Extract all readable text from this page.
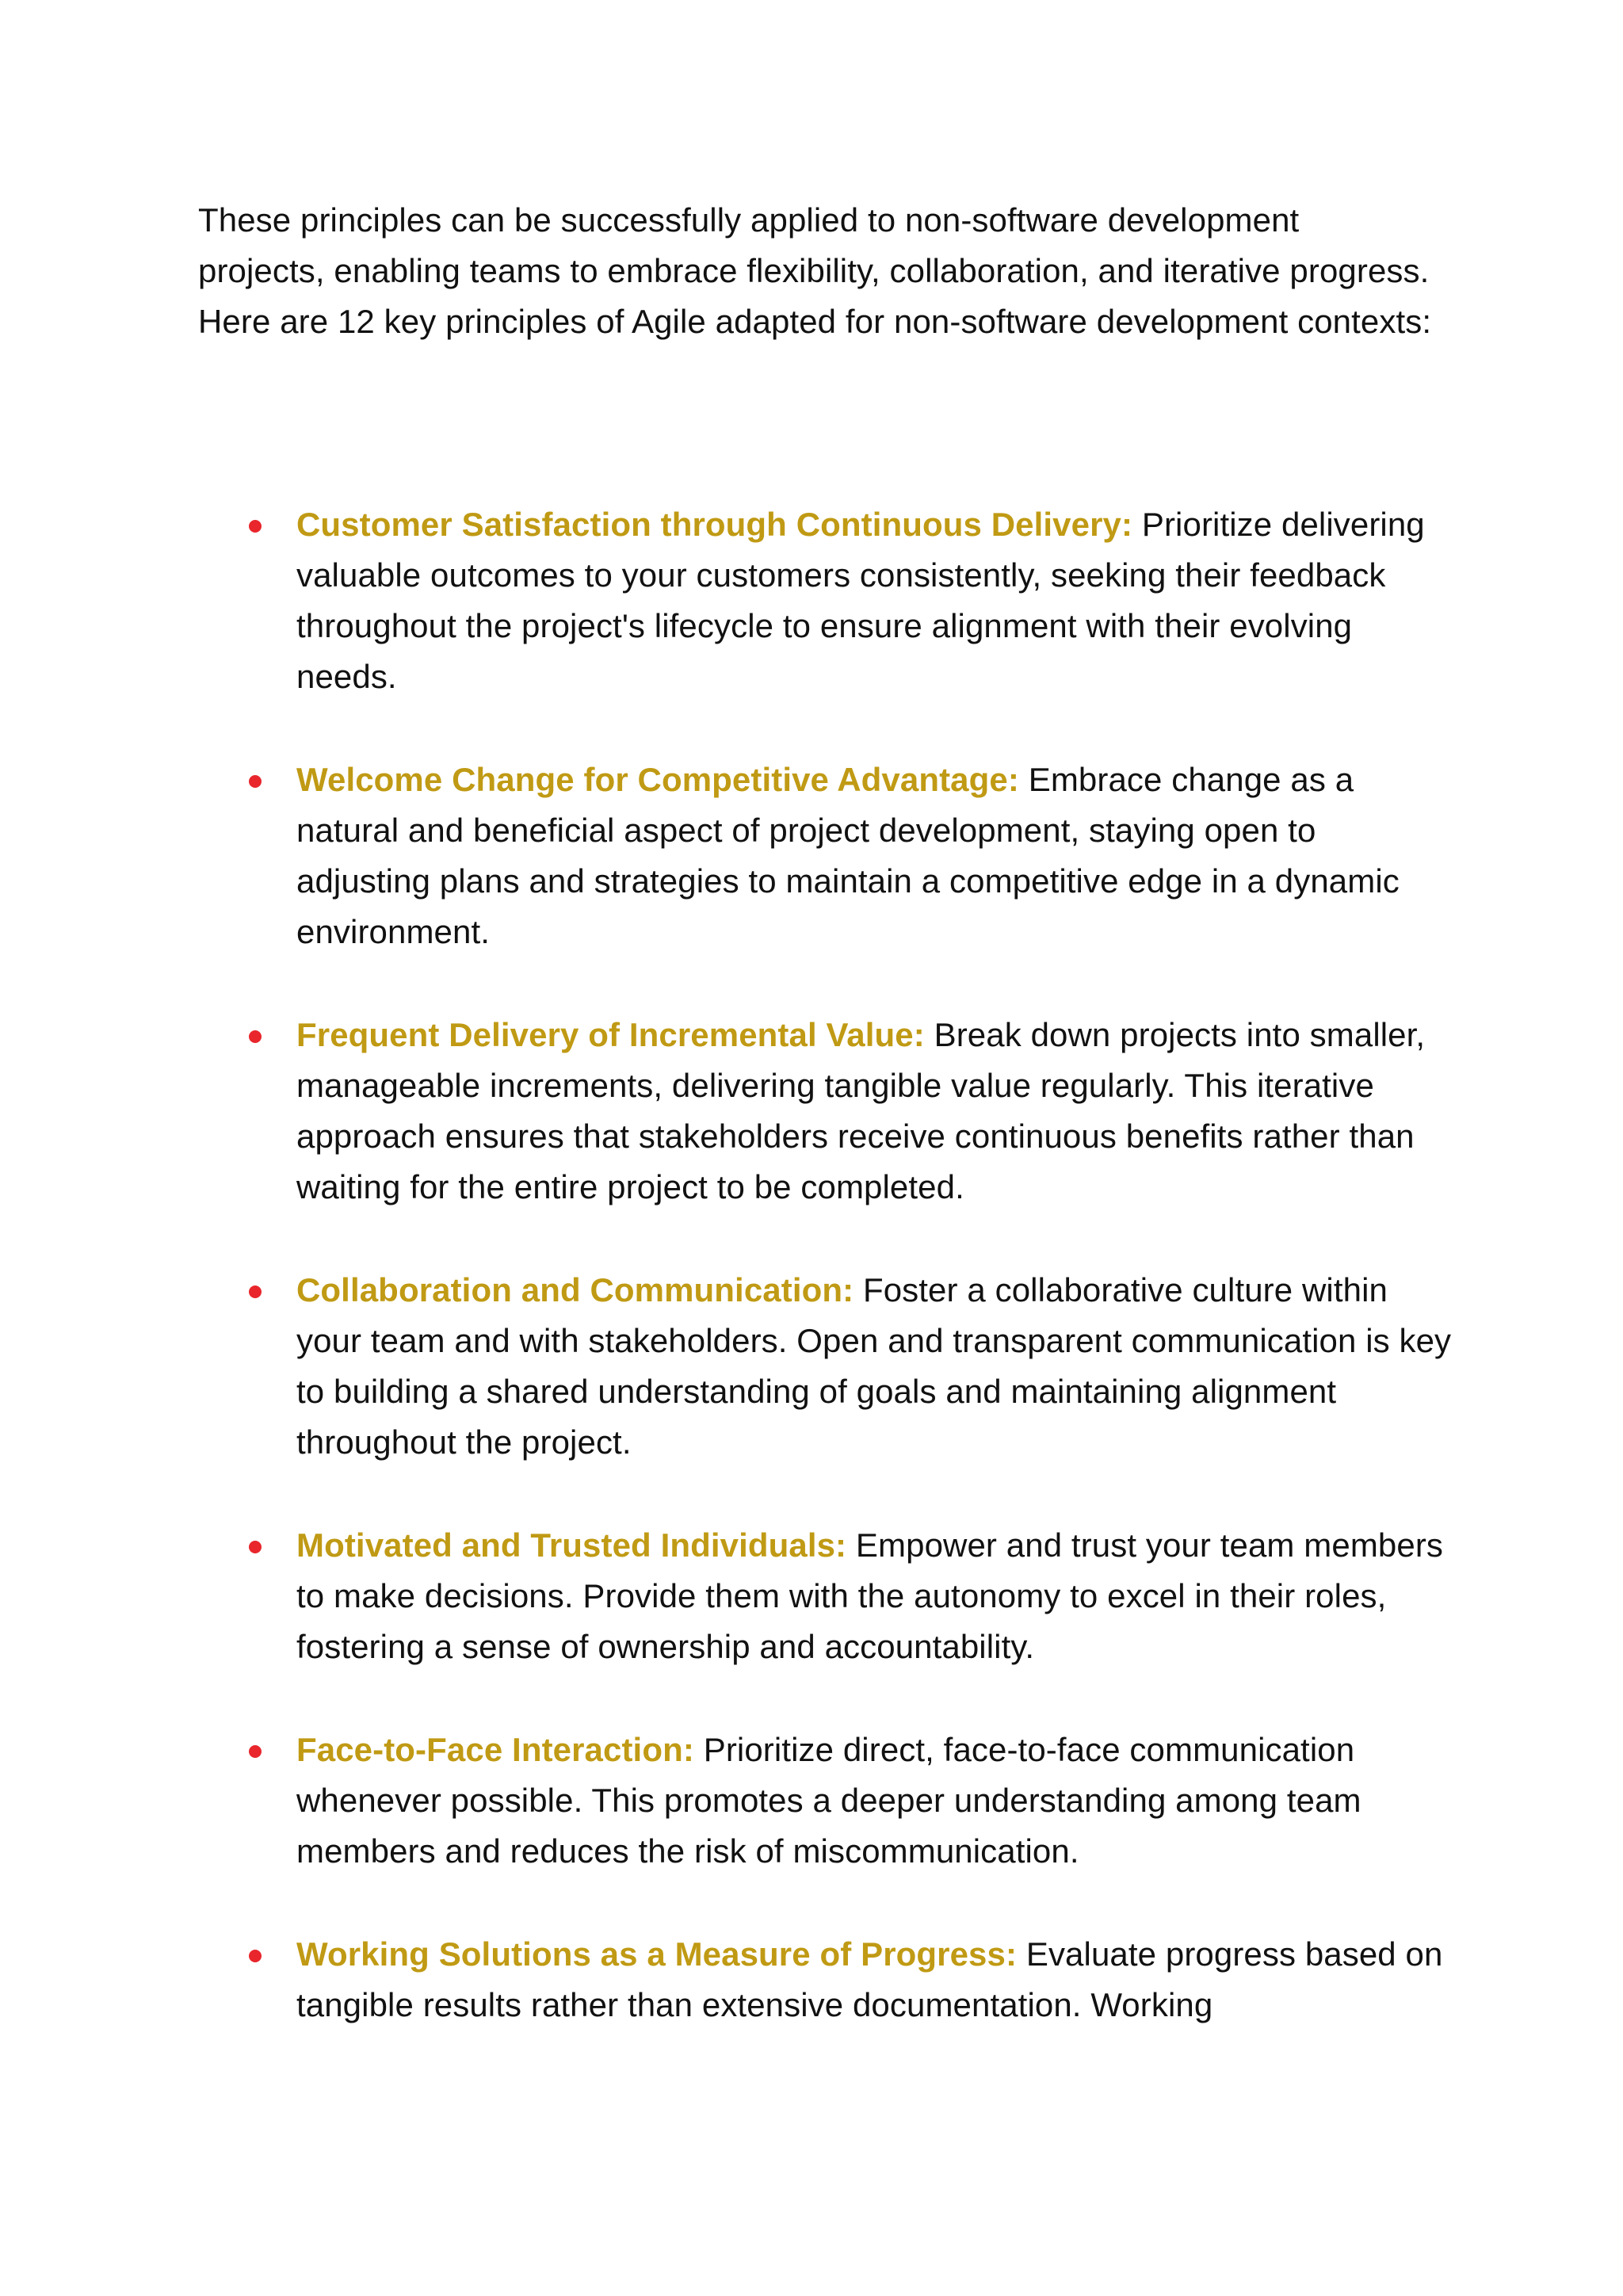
These principles can be successfully applied to non-software development projects, enabling teams to embrace flexibility, collaboration, and iterative progress.

Here are 12 key principles of Agile adapted for non-software development contexts:

Customer Satisfaction through Continuous Delivery: Prioritize delivering valuable outcomes to your customers consistently, seeking their feedback throughout the project's lifecycle to ensure alignment with their evolving needs.
Welcome Change for Competitive Advantage: Embrace change as a natural and beneficial aspect of project development, staying open to adjusting plans and strategies to maintain a competitive edge in a dynamic environment.
Frequent Delivery of Incremental Value: Break down projects into smaller, manageable increments, delivering tangible value regularly. This iterative approach ensures that stakeholders receive continuous benefits rather than waiting for the entire project to be completed.
Collaboration and Communication: Foster a collaborative culture within your team and with stakeholders. Open and transparent communication is key to building a shared understanding of goals and maintaining alignment throughout the project.
Motivated and Trusted Individuals: Empower and trust your team members to make decisions. Provide them with the autonomy to excel in their roles, fostering a sense of ownership and accountability.
Face-to-Face Interaction: Prioritize direct, face-to-face communication whenever possible. This promotes a deeper understanding among team members and reduces the risk of miscommunication.
Working Solutions as a Measure of Progress: Evaluate progress based on tangible results rather than extensive documentation. Working
